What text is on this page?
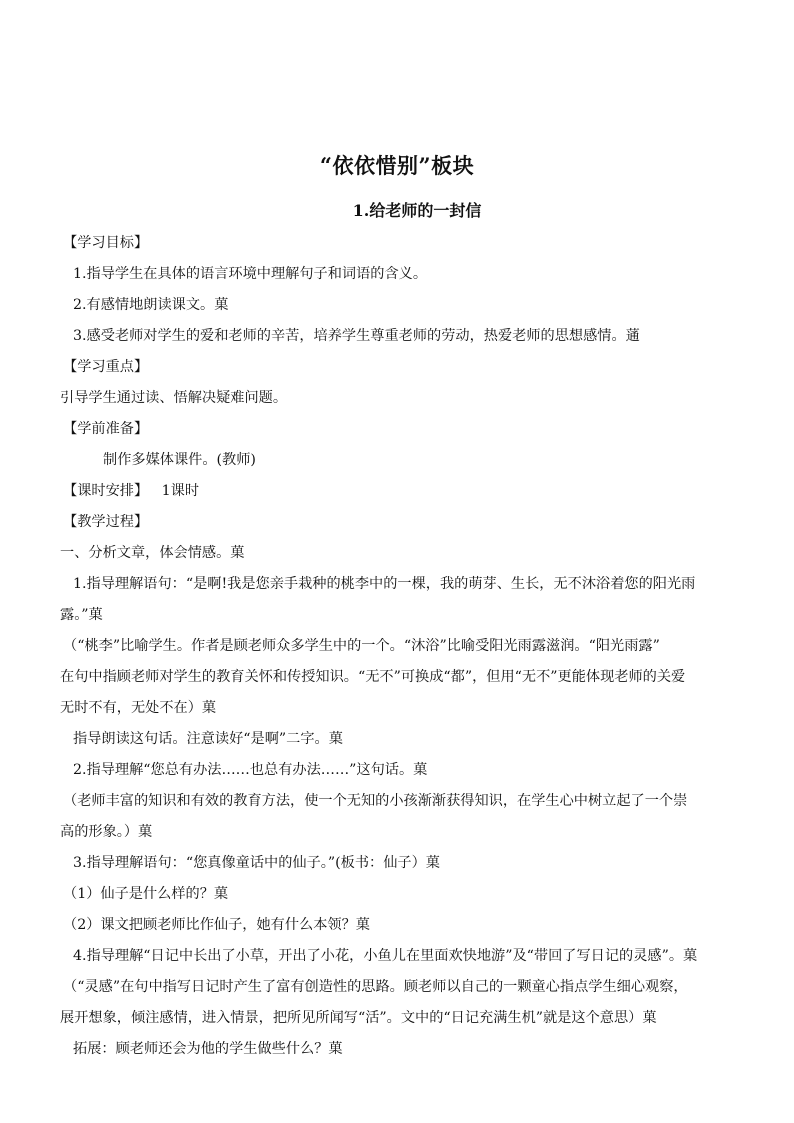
“依依惜别”板块
1.给老师的一封信
【学习目标】
1.指导学生在具体的语言环境中理解句子和词语的含义。
2.有感情地朗读课文。菓
3.感受老师对学生的爱和老师的辛苦，培养学生尊重老师的劳动，热爱老师的思想感情。蓪
【学习重点】
引导学生通过读、悟解决疑难问题。
【学前准备】
制作多媒体课件。(教师)
【课时安排】   1课时
【教学过程】
一、分析文章，体会情感。菓
1.指导理解语句：“是啊!我是您亲手栽种的桃李中的一棵，我的萌芽、生长，无不沐浴着您的阳光雨
露。”菓
（“桃李”比喻学生。作者是顾老师众多学生中的一个。“沐浴”比喻受阳光雨露滋润。“阳光雨露”
在句中指顾老师对学生的教育关怀和传授知识。“无不”可换成“都”，但用“无不”更能体现老师的关爱
无时不有，无处不在）菓
指导朗读这句话。注意读好“是啊”二字。菓
2.指导理解“您总有办法……也总有办法……”这句话。菓
（老师丰富的知识和有效的教育方法，使一个无知的小孩渐渐获得知识，在学生心中树立起了一个崇
高的形象。）菓
3.指导理解语句：“您真像童话中的仙子。”(板书：仙子）菓
（1）仙子是什么样的？菓
（2）课文把顾老师比作仙子，她有什么本领？菓
4.指导理解“日记中长出了小草，开出了小花，小鱼儿在里面欢快地游”及“带回了写日记的灵感”。菓
（“灵感”在句中指写日记时产生了富有创造性的思路。顾老师以自己的一颗童心指点学生细心观察，
展开想象，倾注感情，进入情景，把所见所闻写“活”。文中的“日记充满生机”就是这个意思）菓
拓展：顾老师还会为他的学生做些什么？菓
